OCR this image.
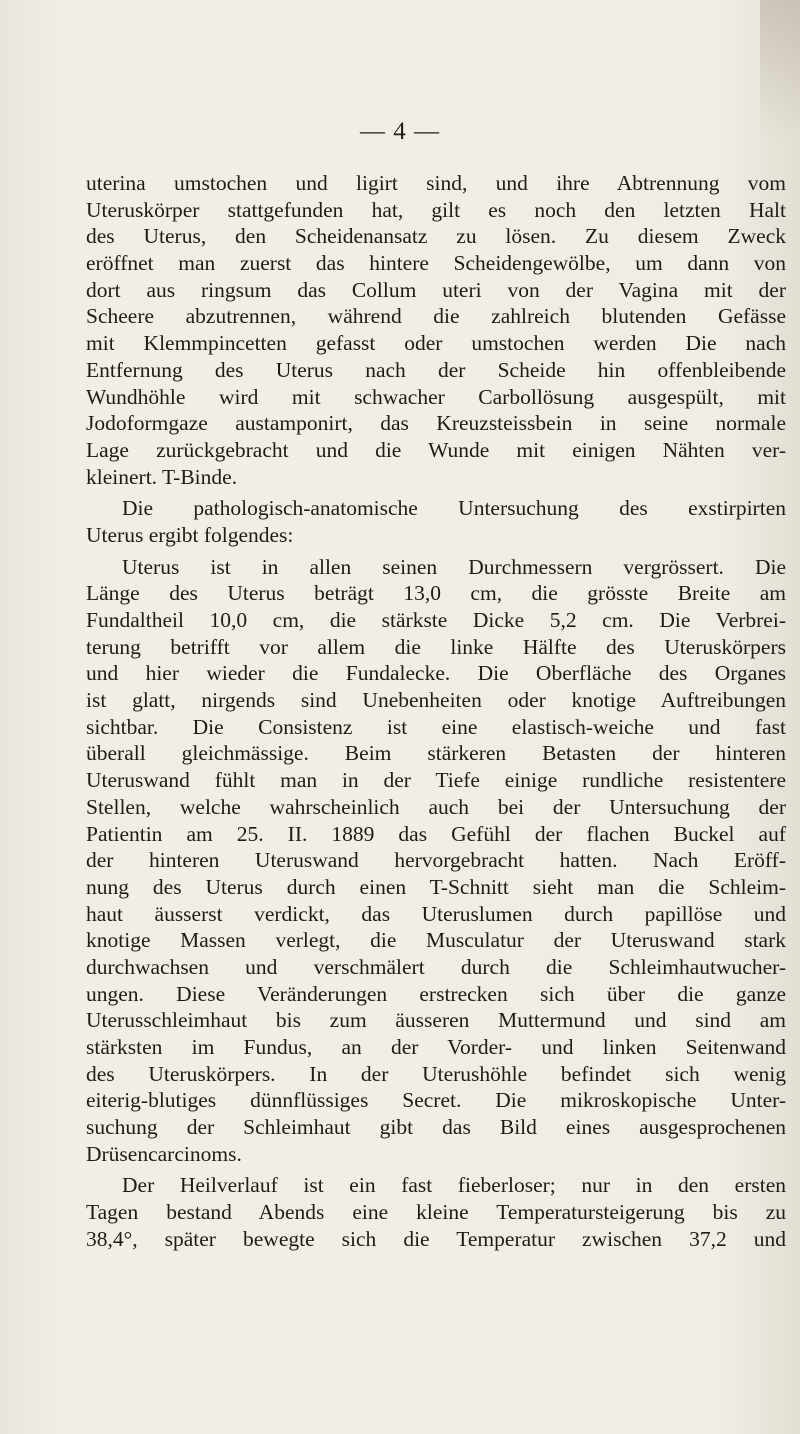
— 4 —
uterina umstochen und ligirt sind, und ihre Abtrennung vom
Uteruskörper stattgefunden hat, gilt es noch den letzten Halt
des Uterus, den Scheidenansatz zu lösen. Zu diesem Zweck
eröffnet man zuerst das hintere Scheidengewölbe, um dann von
dort aus ringsum das Collum uteri von der Vagina mit der
Scheere abzutrennen, während die zahlreich blutenden Gefässe
mit Klemmpincetten gefasst oder umstochen werden Die nach
Entfernung des Uterus nach der Scheide hin offenbleibende
Wundhöhle wird mit schwacher Carbollösung ausgespült, mit
Jodoformgaze austamponirt, das Kreuzsteissbein in seine normale
Lage zurückgebracht und die Wunde mit einigen Nähten ver-
kleinert. T-Binde.
Die pathologisch-anatomische Untersuchung des exstirpirten
Uterus ergibt folgendes:
Uterus ist in allen seinen Durchmessern vergrössert. Die
Länge des Uterus beträgt 13,0 cm, die grösste Breite am
Fundaltheil 10,0 cm, die stärkste Dicke 5,2 cm. Die Verbrei-
terung betrifft vor allem die linke Hälfte des Uteruskörpers
und hier wieder die Fundalecke. Die Oberfläche des Organes
ist glatt, nirgends sind Unebenheiten oder knotige Auftreibungen
sichtbar. Die Consistenz ist eine elastisch-weiche und fast
überall gleichmässige. Beim stärkeren Betasten der hinteren
Uteruswand fühlt man in der Tiefe einige rundliche resistentere
Stellen, welche wahrscheinlich auch bei der Untersuchung der
Patientin am 25. II. 1889 das Gefühl der flachen Buckel auf
der hinteren Uteruswand hervorgebracht hatten. Nach Eröff-
nung des Uterus durch einen T-Schnitt sieht man die Schleim-
haut äusserst verdickt, das Uteruslumen durch papillöse und
knotige Massen verlegt, die Musculatur der Uteruswand stark
durchwachsen und verschmälert durch die Schleimhautwucher-
ungen. Diese Veränderungen erstrecken sich über die ganze
Uterusschleimhaut bis zum äusseren Muttermund und sind am
stärksten im Fundus, an der Vorder- und linken Seitenwand
des Uteruskörpers. In der Uterushöhle befindet sich wenig
eiterig-blutiges dünnflüssiges Secret. Die mikroskopische Unter-
suchung der Schleimhaut gibt das Bild eines ausgesprochenen
Drüsencarcinoms.
Der Heilverlauf ist ein fast fieberloser; nur in den ersten
Tagen bestand Abends eine kleine Temperatursteigerung bis zu
38,4°, später bewegte sich die Temperatur zwischen 37,2 und
